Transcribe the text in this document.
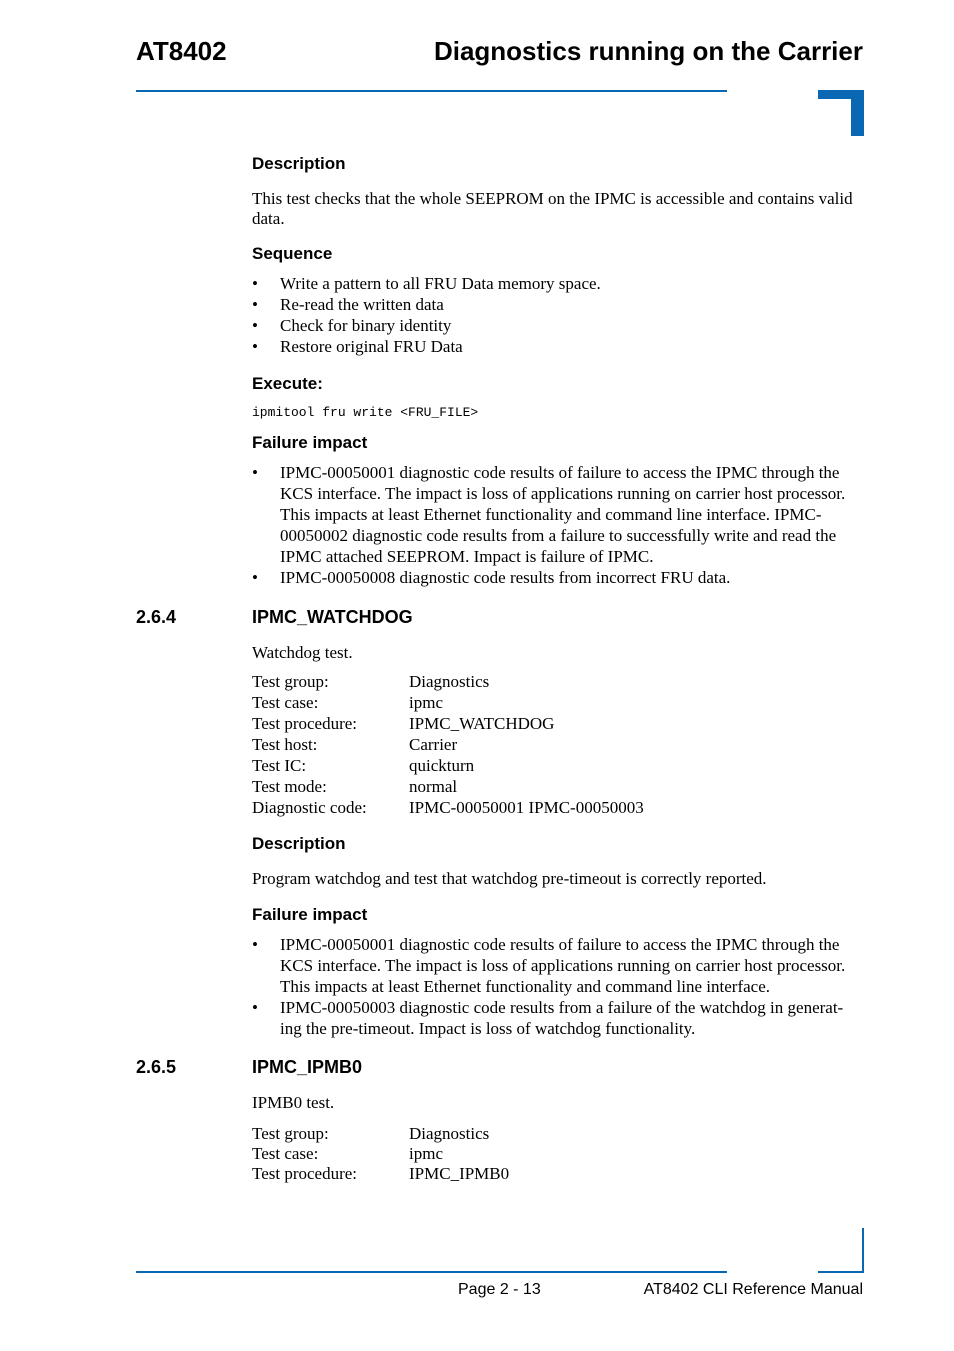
AT8402	Diagnostics running on the Carrier
Description
This test checks that the whole SEEPROM on the IPMC is accessible and contains valid data.
Sequence
• Write a pattern to all FRU Data memory space.
• Re-read the written data
• Check for binary identity
• Restore original FRU Data
Execute:
ipmitool fru write <FRU_FILE>
Failure impact
• IPMC-00050001 diagnostic code results of failure to access the IPMC through the KCS interface. The impact is loss of applications running on carrier host processor. This impacts at least Ethernet functionality and command line interface. IPMC-00050002 diagnostic code results from a failure to successfully write and read the IPMC attached SEEPROM. Impact is failure of IPMC.
• IPMC-00050008 diagnostic code results from incorrect FRU data.
2.6.4	IPMC_WATCHDOG
Watchdog test.
Test group:	Diagnostics
Test case:	ipmc
Test procedure:	IPMC_WATCHDOG
Test host:	Carrier
Test IC:	quickturn
Test mode:	normal
Diagnostic code:	IPMC-00050001 IPMC-00050003
Description
Program watchdog and test that watchdog pre-timeout is correctly reported.
Failure impact
• IPMC-00050001 diagnostic code results of failure to access the IPMC through the KCS interface. The impact is loss of applications running on carrier host processor. This impacts at least Ethernet functionality and command line interface.
• IPMC-00050003 diagnostic code results from a failure of the watchdog in generat-ing the pre-timeout. Impact is loss of watchdog functionality.
2.6.5	IPMC_IPMB0
IPMB0 test.
Test group:	Diagnostics
Test case:	ipmc
Test procedure:	IPMC_IPMB0
Page 2 - 13	AT8402 CLI Reference Manual
